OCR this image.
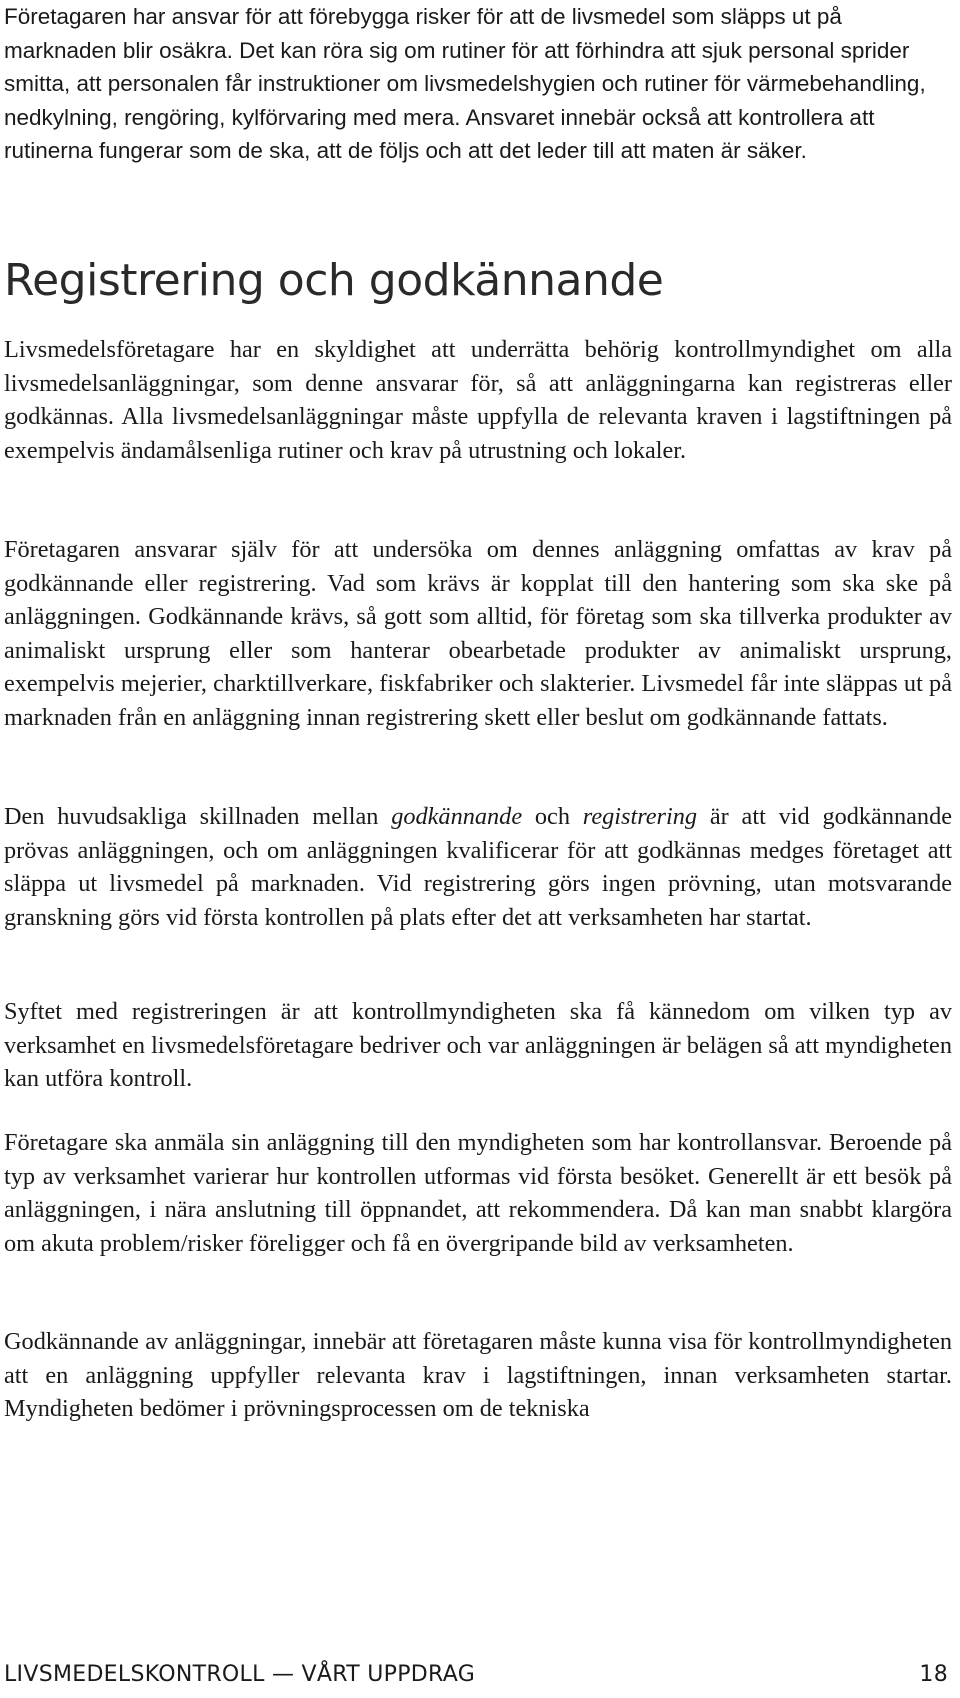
Företagaren har ansvar för att förebygga risker för att de livsmedel som släpps ut på marknaden blir osäkra. Det kan röra sig om rutiner för att förhindra att sjuk personal sprider smitta, att personalen får instruktioner om livsmedelshygien och rutiner för värmebehandling, nedkylning, rengöring, kylförvaring med mera. Ansvaret innebär också att kontrollera att rutinerna fungerar som de ska, att de följs och att det leder till att maten är säker.

Registrering och godkännande

Livsmedelsföretagare har en skyldighet att underrätta behörig kontrollmyndighet om alla livsmedelsanläggningar, som denne ansvarar för, så att anläggningarna kan registreras eller godkännas. Alla livsmedelsanläggningar måste uppfylla de relevanta kraven i lagstiftningen på exempelvis ändamålsenliga rutiner och krav på utrustning och lokaler.

Företagaren ansvarar själv för att undersöka om dennes anläggning omfattas av krav på godkännande eller registrering. Vad som krävs är kopplat till den hantering som ska ske på anläggningen. Godkännande krävs, så gott som alltid, för företag som ska tillverka produkter av animaliskt ursprung eller som hanterar obearbetade produkter av animaliskt ursprung, exempelvis mejerier, charktillverkare, fiskfabriker och slakterier. Livsmedel får inte släppas ut på marknaden från en anläggning innan registrering skett eller beslut om godkännande fattats.

Den huvudsakliga skillnaden mellan godkännande och registrering är att vid godkännande prövas anläggningen, och om anläggningen kvalificerar för att godkännas medges företaget att släppa ut livsmedel på marknaden. Vid registrering görs ingen prövning, utan motsvarande granskning görs vid första kontrollen på plats efter det att verksamheten har startat.

Syftet med registreringen är att kontrollmyndigheten ska få kännedom om vilken typ av verksamhet en livsmedelsföretagare bedriver och var anläggningen är belägen så att myndigheten kan utföra kontroll.

Företagare ska anmäla sin anläggning till den myndigheten som har kontrollansvar. Beroende på typ av verksamhet varierar hur kontrollen utformas vid första besöket. Generellt är ett besök på anläggningen, i nära anslutning till öppnandet, att rekommendera. Då kan man snabbt klargöra om akuta problem/risker föreligger och få en övergripande bild av verksamheten.

Godkännande av anläggningar, innebär att företagaren måste kunna visa för kontrollmyndigheten att en anläggning uppfyller relevanta krav i lagstiftningen, innan verksamheten startar. Myndigheten bedömer i prövningsprocessen om de tekniska

LIVSMEDELSKONTROLL — VÅRT UPPDRAG	18
